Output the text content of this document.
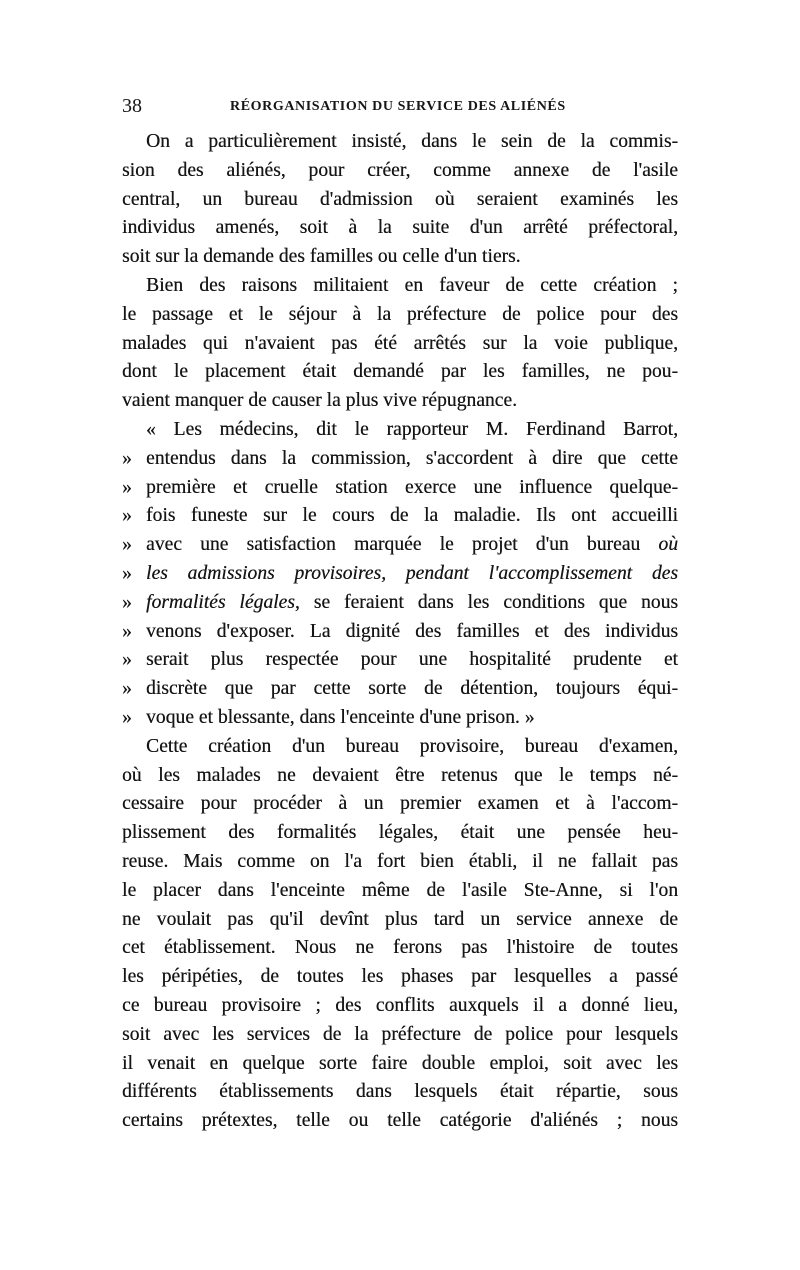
38	RÉORGANISATION DU SERVICE DES ALIÉNÉS
On a particulièrement insisté, dans le sein de la commis-
sion des aliénés, pour créer, comme annexe de l'asile
central, un bureau d'admission où seraient examinés les
individus amenés, soit à la suite d'un arrêté préfectoral,
soit sur la demande des familles ou celle d'un tiers.
Bien des raisons militaient en faveur de cette création ;
le passage et le séjour à la préfecture de police pour des
malades qui n'avaient pas été arrêtés sur la voie publique,
dont le placement était demandé par les familles, ne pou-
vaient manquer de causer la plus vive répugnance.
« Les médecins, dit le rapporteur M. Ferdinand Barrot,
» entendus dans la commission, s'accordent à dire que cette
» première et cruelle station exerce une influence quelque-
» fois funeste sur le cours de la maladie. Ils ont accueilli
» avec une satisfaction marquée le projet d'un bureau où
» les admissions provisoires, pendant l'accomplissement des
» formalités légales, se feraient dans les conditions que nous
» venons d'exposer. La dignité des familles et des individus
» serait plus respectée pour une hospitalité prudente et
» discrète que par cette sorte de détention, toujours équi-
» voque et blessante, dans l'enceinte d'une prison. »
Cette création d'un bureau provisoire, bureau d'examen,
où les malades ne devaient être retenus que le temps né-
cessaire pour procéder à un premier examen et à l'accom-
plissement des formalités légales, était une pensée heu-
reuse. Mais comme on l'a fort bien établi, il ne fallait pas
le placer dans l'enceinte même de l'asile Ste-Anne, si l'on
ne voulait pas qu'il devînt plus tard un service annexe de
cet établissement. Nous ne ferons pas l'histoire de toutes
les péripéties, de toutes les phases par lesquelles a passé
ce bureau provisoire ; des conflits auxquels il a donné lieu,
soit avec les services de la préfecture de police pour lesquels
il venait en quelque sorte faire double emploi, soit avec les
différents établissements dans lesquels était répartie, sous
certains prétextes, telle ou telle catégorie d'aliénés ; nous
